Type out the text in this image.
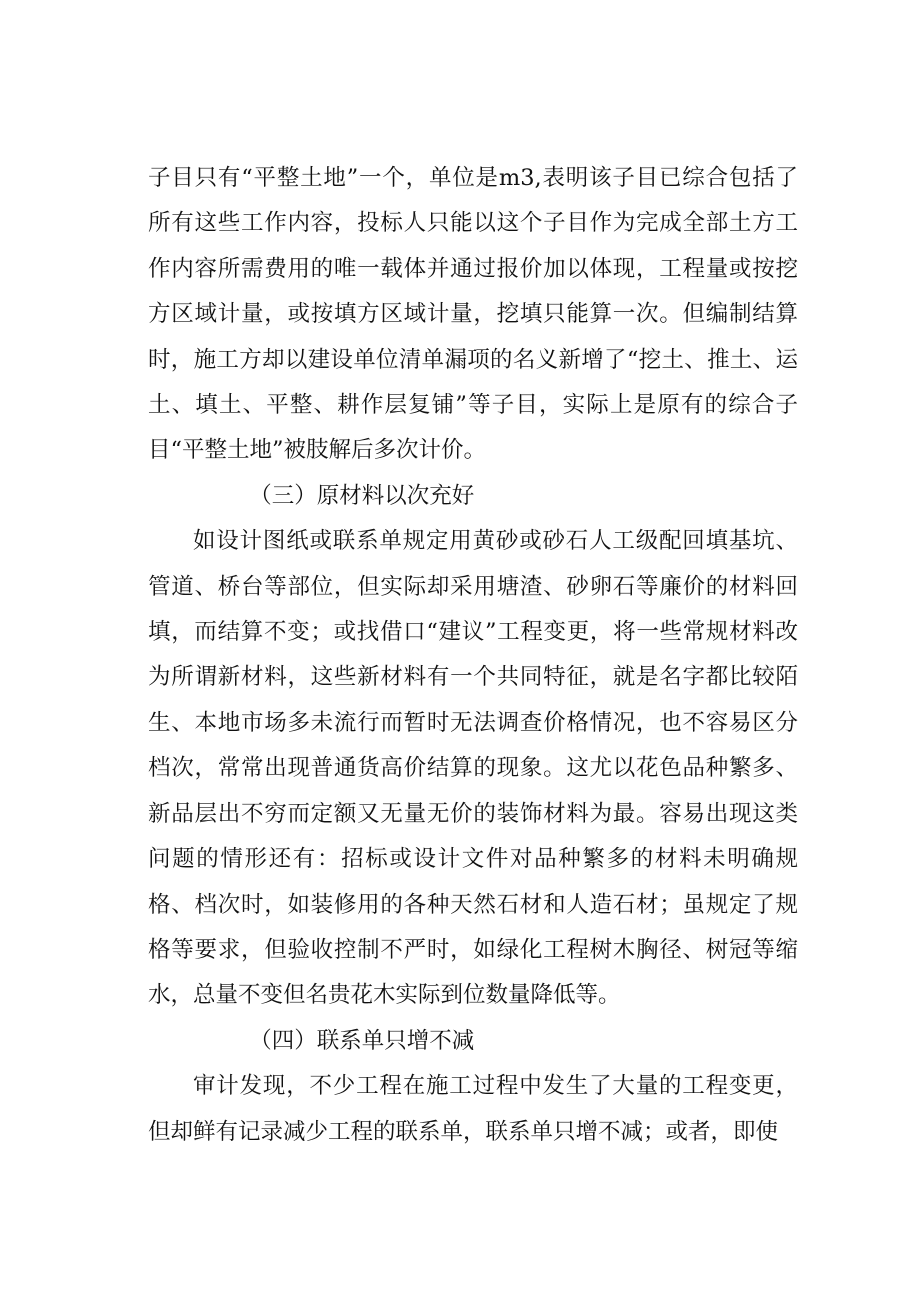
子目只有“平整土地”一个，单位是m3,表明该子目已综合包括了所有这些工作内容，投标人只能以这个子目作为完成全部土方工作内容所需费用的唯一载体并通过报价加以体现，工程量或按挖方区域计量，或按填方区域计量，挖填只能算一次。但编制结算时，施工方却以建设单位清单漏项的名义新增了“挖土、推土、运土、填土、平整、耕作层复铺”等子目，实际上是原有的综合子目“平整土地”被肢解后多次计价。

（三）原材料以次充好

如设计图纸或联系单规定用黄砂或砂石人工级配回填基坑、管道、桥台等部位，但实际却采用塘渣、砂卵石等廉价的材料回填，而结算不变；或找借口“建议”工程变更，将一些常规材料改为所谓新材料，这些新材料有一个共同特征，就是名字都比较陌生、本地市场多未流行而暂时无法调查价格情况，也不容易区分档次，常常出现普通货高价结算的现象。这尤以花色品种繁多、新品层出不穷而定额又无量无价的装饰材料为最。容易出现这类问题的情形还有：招标或设计文件对品种繁多的材料未明确规格、档次时，如装修用的各种天然石材和人造石材；虽规定了规格等要求，但验收控制不严时，如绿化工程树木胸径、树冠等缩水，总量不变但名贵花木实际到位数量降低等。

（四）联系单只增不减

审计发现，不少工程在施工过程中发生了大量的工程变更，但却鲜有记录减少工程的联系单，联系单只增不减；或者，即使
